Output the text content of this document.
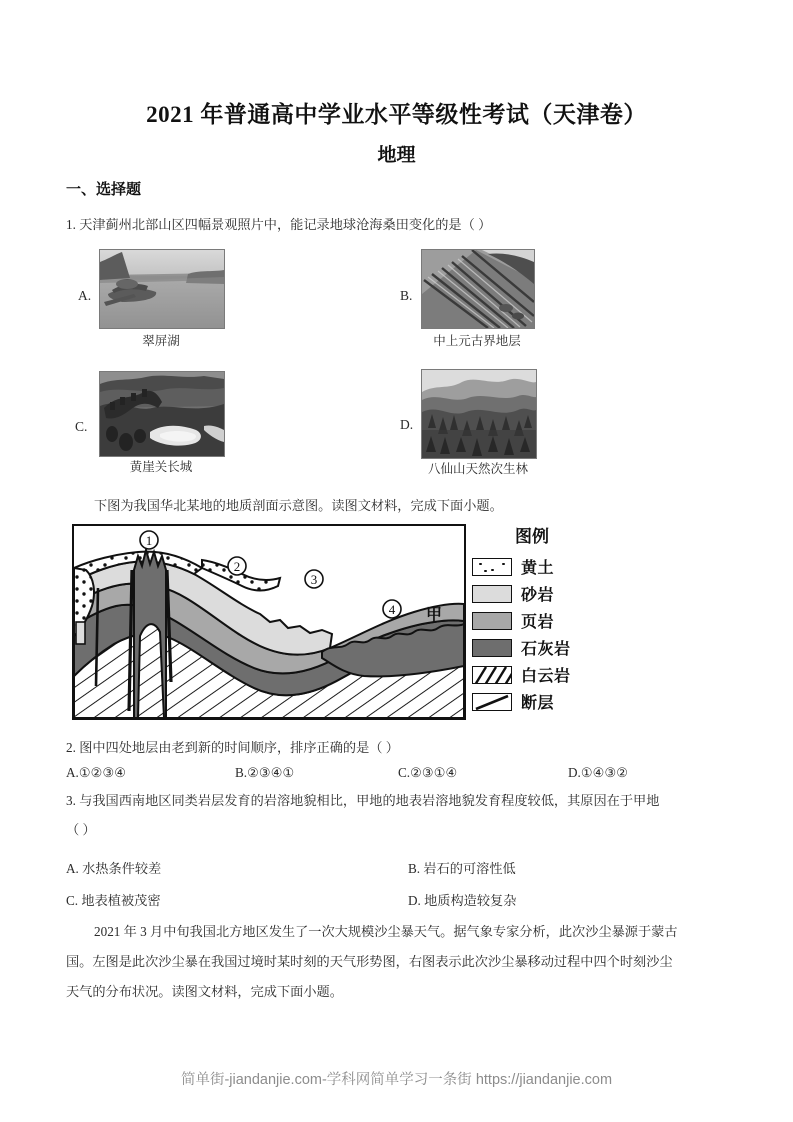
2021 年普通高中学业水平等级性考试（天津卷）
地理
一、选择题
1. 天津蓟州北部山区四幅景观照片中，能记录地球沧海桑田变化的是（ ）
A.
翠屏湖
B.
中上元古界地层
C.
黄崖关长城
D.
八仙山天然次生林
下图为我国华北某地的地质剖面示意图。读图文材料，完成下面小题。
1
2
3
4 甲
图例
黄土
砂岩
页岩
石灰岩
白云岩
断层
2. 图中四处地层由老到新的时间顺序，排序正确的是（ ）
A.①②③④	B.②③④①	C.②③①④	D.①④③②
3. 与我国西南地区同类岩层发育的岩溶地貌相比，甲地的地表岩溶地貌发育程度较低，其原因在于甲地
（ ）
A. 水热条件较差	B. 岩石的可溶性低
C. 地表植被茂密	D. 地质构造较复杂
2021 年 3 月中旬我国北方地区发生了一次大规模沙尘暴天气。据气象专家分析，此次沙尘暴源于蒙古
国。左图是此次沙尘暴在我国过境时某时刻的天气形势图，右图表示此次沙尘暴移动过程中四个时刻沙尘
天气的分布状况。读图文材料，完成下面小题。
简单街-jiandanjie.com-学科网简单学习一条街 https://jiandanjie.com
